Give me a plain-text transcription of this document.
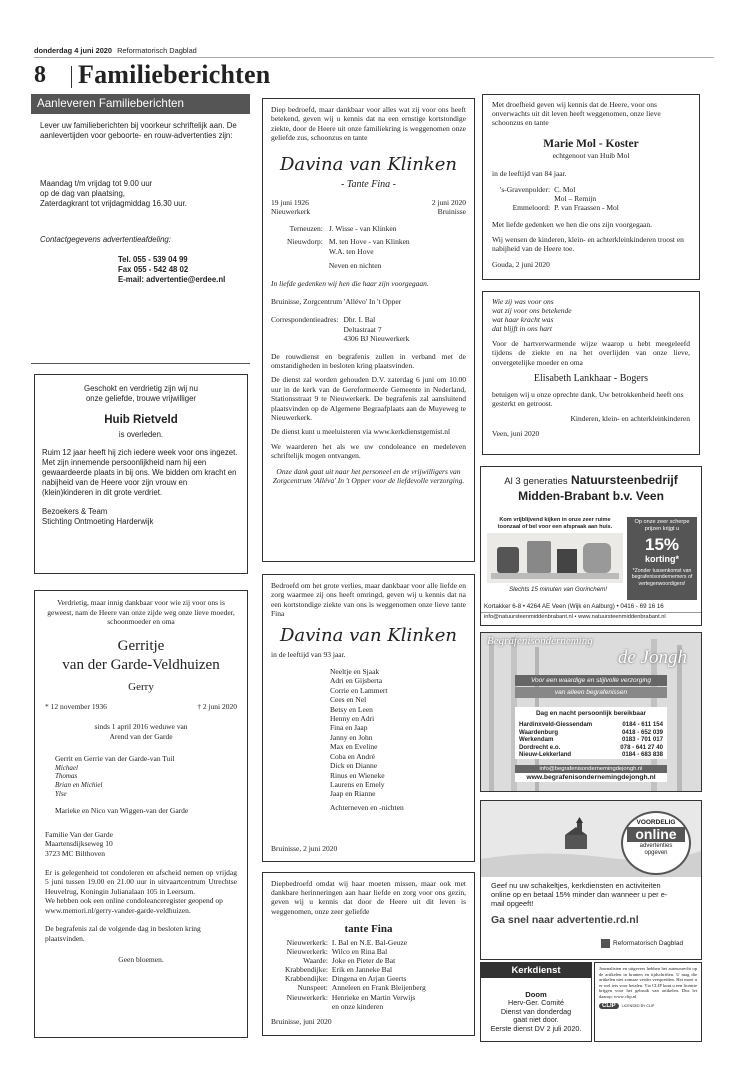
donderdag 4 juni 2020 Reformatorisch Dagblad
8 Familieberichten
Aanleveren Familieberichten

Lever uw familieberichten bij voorkeur schriftelijk aan. De aanlevertijden voor geboorte- en rouw-advertenties zijn:

Maandag t/m vrijdag tot 9.00 uur

op de dag van plaatsing,

Zaterdagkrant tot vrijdagmiddag 16.30 uur.

Contactgegevens advertentieafdeling:

Tel. 055 - 539 04 99

Fax 055 - 542 48 02

E-mail: advertentie@erdee.nl

Geschokt en verdrietig zijn wij nu

onze geliefde, trouwe vrijwilliger

Huib Rietveld

is overleden.

Ruim 12 jaar heeft hij zich iedere week voor ons ingezet. Met zijn innemende persoonlijkheid nam hij een gewaardeerde plaats in bij ons. We bidden om kracht en nabijheid van de Heere voor zijn vrouw en (klein)kinderen in dit grote verdriet.

Bezoekers & Team

Stichting Ontmoeting Harderwijk

Verdrietig, maar innig dankbaar voor wie zij voor ons is geweest, nam de Heere van onze zijde weg onze lieve moeder, schoonmoeder en oma

Gerritje

van der Garde-Veldhuizen

Gerry

* 12 november 1936	† 2 juni 2020

sinds 1 april 2016 weduwe van

Arend van der Garde

Gerrit en Gerrie van der Garde-van Tuil

Michael

Thomas

Brian en Michiel

Ylse

Marieke en Nico van Wiggen-van der Garde

Familie Van der Garde

Maartensdijkseweg 10

3723 MC Bilthoven

Er is gelegenheid tot condoleren en afscheid nemen op vrijdag 5 juni tussen 19.00 en 21.00 uur in uitvaartcentrum Utrechtse Heuvelrug, Koningin Julianalaan 105 in Leersum.

We hebben ook een online condoleanceregister geopend op www.memori.nl/gerry-vander-garde-veldhuizen.

De begrafenis zal de volgende dag in besloten kring plaatsvinden.

Geen bloemen.

Diep bedroefd, maar dankbaar voor alles wat zij voor ons heeft betekend, geven wij u kennis dat na een ernstige kortstondige ziekte, door de Heere uit onze familiekring is weggenomen onze geliefde zus, schoonzus en tante

Davina van Klinken

- Tante Fina -

19 juni 1926

Nieuwerkerk

2 juni 2020

Bruinisse

Terneuzen:	J. Wisse - van Klinken
Nieuwdorp:	M. ten Hove - van Klinken
	W.A. ten Hove
	Neven en nichten

In liefde gedenken wij hen die haar zijn voorgegaan.

Bruinisse, Zorgcentrum 'Allévo' In 't Opper

Correspondentieadres:	Dhr. I. Bal

Deltastraat 7

4306 BJ Nieuwerkerk

De rouwdienst en begrafenis zullen in verband met de omstandigheden in besloten kring plaatsvinden.

De dienst zal worden gehouden D.V. zaterdag 6 juni om 10.00 uur in de kerk van de Gereformeerde Gemeente in Nederland, Stationsstraat 9 te Nieuwerkerk. De begrafenis zal aansluitend plaatsvinden op de Algemene Begraafplaats aan de Muyeweg te Nieuwerkerk.

De dienst kunt u meeluisteren via www.kerkdienstgemist.nl

We waarderen het als we uw condoleance en medeleven schriftelijk mogen ontvangen.

Onze dank gaat uit naar het personeel en de vrijwilligers van Zorgcentrum 'Alléva' In 't Opper voor de liefdevolle verzorging.

Bedroefd om het grote verlies, maar dankbaar voor alle liefde en zorg waarmee zij ons heeft omringd, geven wij u kennis dat na een kortstondige ziekte van ons is weggenomen onze lieve tante Fina

Davina van Klinken

in de leeftijd van 93 jaar.

Neeltje en Sjaak

Adri en Gijsberta

Corrie en Lammert

Cees en Nel

Betsy en Leen

Henny en Adri

Fina en Jaap

Janny en John

Max en Eveline

Coba en André

Dick en Dianne

Rinus en Wieneke

Laurens en Emely

Jaap en Rianne

Achterneven en -nichten

Bruinisse, 2 juni 2020

Diepbedroefd omdat wij haar moeten missen, maar ook met dankbare herinneringen aan haar liefde en zorg voor ons gezin, geven wij u kennis dat door de Heere uit dit leven is weggenomen, onze zeer geliefde

tante Fina

Nieuwerkerk:	I. Bal en N.E. Bal-Geuze
Nieuwerkerk:	Wilco en Rina Bal
Waarde:	Joke en Pieter de Bat
Krabbendijke:	Erik en Janneke Bal
Krabbendijke:	Dingena en Arjan Geerts
Nunspeet:	Anneleen en Frank Bleijenberg
Nieuwerkerk:	Henrieke en Martin Verwijs
	en onze kinderen

Bruinisse, juni 2020

Met droefheid geven wij kennis dat de Heere, voor ons onverwachts uit dit leven heeft weggenomen, onze lieve schoonzus en tante

Marie Mol - Koster

echtgenoot van Huib Mol

in de leeftijd van 84 jaar.

's-Gravenpolder:	C. Mol
	Mol – Remijn
Emmeloord:	P. van Fraassen - Mol

Met liefde gedenken we hen die ons zijn voorgegaan.

Wij wensen de kinderen, klein- en achterkleinkinderen troost en nabijheid van de Heere toe.

Gouda, 2 juni 2020

Wie zij was voor ons

wat zij voor ons betekende

wat haar kracht was

dat blijft in ons hart

Voor de hartverwarmende wijze waarop u hebt meegeleefd tijdens de ziekte en na het overlijden van onze lieve, onvergetelijke moeder en oma

Elisabeth Lankhaar - Bogers

betuigen wij u onze oprechte dank. Uw betrokkenheid heeft ons gesterkt en getroost.

Kinderen, klein- en achterkleinkinderen

Veen, juni 2020

Al 3 generaties Natuursteenbedrijf

Midden-Brabant b.v. Veen

Kom vrijblijvend kijken in onze zeer ruime

toonzaal of bel voor een afspraak aan huis.

Slechts 15 minuten van Gorinchem!

Op onze zeer scherpe prijzen krijgt u

15%

korting*

*Zonder tussenkomst van begrafenisondernemers of vertegenwoordigers!

Kortakker 6-8 • 4264 AE Veen (Wijk en Aalburg) • 0416 - 69 16 16

info@natuursteenmiddenbrabant.nl • www.natuursteenmiddenbrabant.nl

Begrafenisonderneming

de Jongh

Voor een waardige en stijlvolle verzorging

van alleen begrafenissen

Dag en nacht persoonlijk bereikbaar

Hardinxveld-Giessendam	0184 - 611 154
Waardenburg	0418 - 652 039
Werkendam	0183 - 701 017
Dordrecht e.o.	078 - 641 27 40
Nieuw-Lekkerland	0184 - 683 838

info@begrafenisondernemingdejongh.nl

www.begrafenisondernemingdejongh.nl

VOORDELIG

online

advertenties

opgeven

Geef nu uw schakeltjes, kerkdiensten en activiteiten online op en betaal 15% minder dan wanneer u per e-mail opgeeft!

Ga snel naar advertentie.rd.nl

Reformatorisch Dagblad

Kerkdienst

Doom

Herv-Ger. Comité

Dienst van donderdag

gaat niet door.

Eerste dienst DV 2 juli 2020.

Journalisten en uitgevers hebben het auteursrecht op de artikelen in kranten en tijdschriften. U mag die artikelen niet zomaar verder verspreiden. Het moet u er wel iets voor betalen. Via CLIP kunt u een licentie krijgen voor het gebruik van artikelen. Dus let daarop: www.clip.nl.

CLIP	LICENSED BY CLIP
